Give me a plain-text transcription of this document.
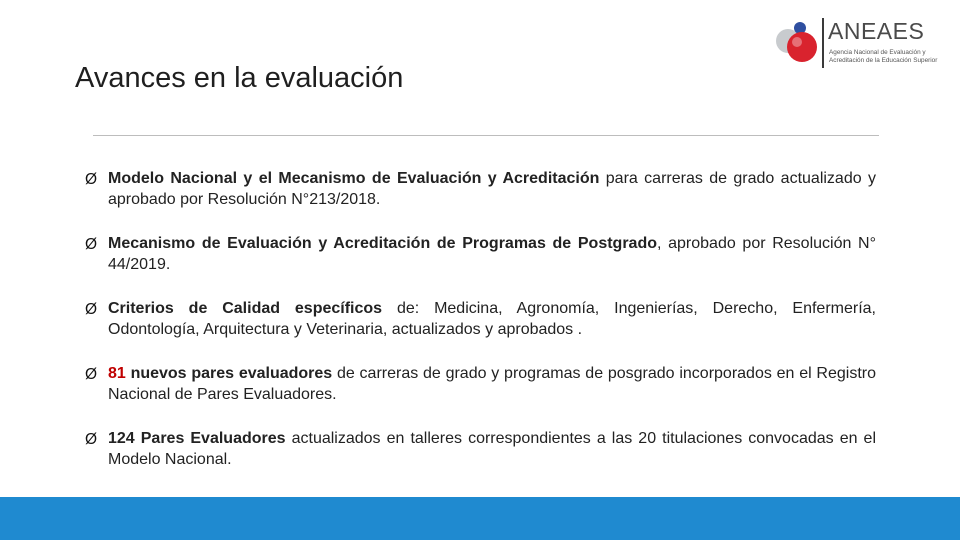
ANEAES
Agencia Nacional de Evaluación y
Acreditación de la Educación Superior
Avances en la evaluación
Ø Modelo Nacional y el Mecanismo de Evaluación y Acreditación para carreras de grado actualizado y aprobado por Resolución N°213/2018.
Ø Mecanismo de Evaluación y Acreditación de Programas de Postgrado, aprobado por Resolución N° 44/2019.
Ø Criterios de Calidad específicos de: Medicina, Agronomía, Ingenierías, Derecho, Enfermería, Odontología, Arquitectura y Veterinaria, actualizados y aprobados .
Ø 81 nuevos pares evaluadores de carreras de grado y programas de posgrado incorporados en el Registro Nacional de Pares Evaluadores.
Ø 124 Pares Evaluadores actualizados en talleres correspondientes a las 20 titulaciones convocadas en el Modelo Nacional.
